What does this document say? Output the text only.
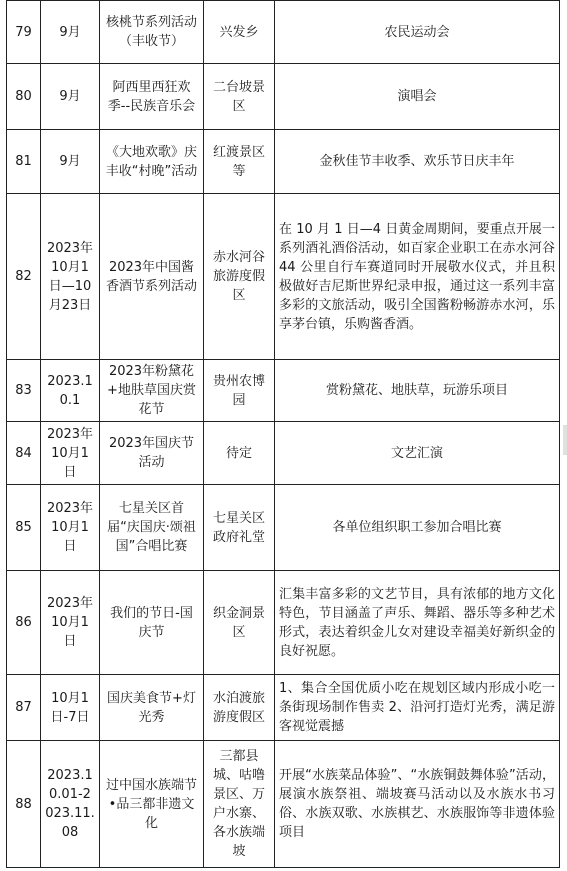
79	9月	核桃节系列活动（丰收节）	兴发乡	农民运动会
80	9月	阿西里西狂欢季--民族音乐会	二台坡景区	演唱会
81	9月	《大地欢歌》庆丰收“村晚”活动	红渡景区等	金秋佳节丰收季、欢乐节日庆丰年
82	2023年10月1日—10月23日	2023年中国酱香酒节系列活动	赤水河谷旅游度假区	在 10 月 1 日—4 日黄金周期间，要重点开展一系列酒礼酒俗活动，如百家企业职工在赤水河谷 44 公里自行车赛道同时开展敬水仪式，并且积极做好吉尼斯世界纪录申报，通过这一系列丰富多彩的文旅活动，吸引全国酱粉畅游赤水河，乐享茅台镇，乐购酱香酒。
83	2023.10.1	2023年粉黛花+地肤草国庆赏花节	贵州农博园	赏粉黛花、地肤草，玩游乐项目
84	2023年10月1日	2023年国庆节活动	待定	文艺汇演
85	2023年10月1日	七星关区首届“庆国庆·颂祖国”合唱比赛	七星关区政府礼堂	各单位组织职工参加合唱比赛
86	2023年10月1日	我们的节日-国庆节	织金洞景区	汇集丰富多彩的文艺节目，具有浓郁的地方文化特色，节目涵盖了声乐、舞蹈、器乐等多种艺术形式，表达着织金儿女对建设幸福美好新织金的良好祝愿。
87	10月1日-7日	国庆美食节+灯光秀	水泊渡旅游度假区	1、集合全国优质小吃在规划区域内形成小吃一条街现场制作售卖 2、沿河打造灯光秀，满足游客视觉震撼
88	2023.10.01-2023.11.08	过中国水族端节•品三都非遗文化	三都县城、咕噜景区、万户水寨、各水族端坡	开展“水族菜品体验”、“水族铜鼓舞体验”活动，展演水族祭祖、端坡赛马活动以及水族水书习俗、水族双歌、水族棋艺、水族服饰等非遗体验项目
